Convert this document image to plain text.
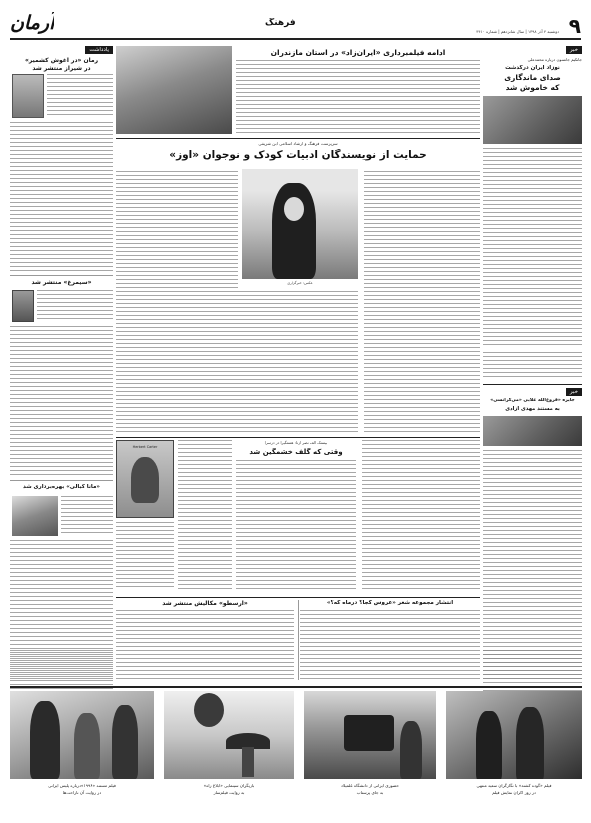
۹
آرمان	فرهنگ
دوشنبه ۴ آذر ۱۳۹۸ | سال شانزدهم | شماره ۴۴۱۰
خبر
جانکیم جانسون درباره محمدعلی
نوزاد ایران درگذشت
صدای ماندگاری
که خاموش شد
خبر
جایزه «فروغ‌الله علایی «می‌کرانسی»
به مستند مهدی آزادی
ادامه فیلمبرداری «ایران‌زاد» در استان مازندران
سرپرست فرهنگ و ارشاد اسلامی ابن شریفی
حمایت از نویسندگان ادبیات کودک و نوجوان «اوز»
عکس: خبرگزاری
یادداشت
رمان «در آغوش کشمیر»
در شیراز منتشر شد
«سیمرغ» منتشر شد
«مانا کبالی» بهره‌برداری شد
بیستک الف نصر ازنا: هستگیرا در درسرا
وقتی که گلف خشمگین شد
Herbert Carter
انتشار مجموعه شعر «عروس کجا؟ درماه که؟»
«ارسطو» مکالیش منتشر شد
فیلم «گوده کشته» با نگارگران سعید منتهی
در روز اکران نمایش فیلم
حضوری ایرانی از دانشگاه غلمیلاد
به جای پرستاب
بازیگران سینمایی «ابلاغ راه»
به روایت فیلم‌ساز
فیلم مستند «۱۹۹۶»درباره پلیس ایرانی
در روایت آن ناراحت‌ها
